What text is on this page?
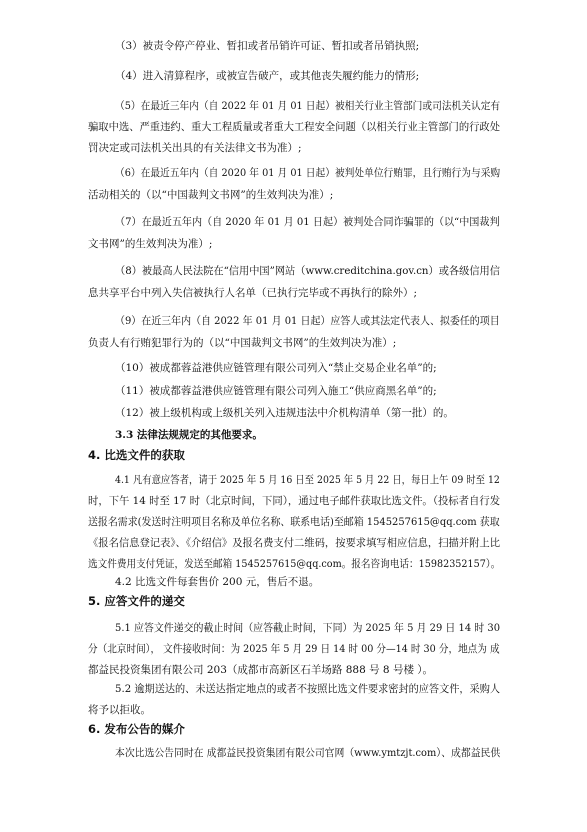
（3）被责令停产停业、暂扣或者吊销许可证、暂扣或者吊销执照;
（4）进入清算程序，或被宣告破产，或其他丧失履约能力的情形;
（5）在最近三年内（自 2022 年 01 月 01 日起）被相关行业主管部门或司法机关认定有
骗取中选、严重违约、重大工程质量或者重大工程安全问题（以相关行业主管部门的行政处
罚决定或司法机关出具的有关法律文书为准）;
（6）在最近五年内（自 2020 年 01 月 01 日起）被判处单位行贿罪，且行贿行为与采购
活动相关的（以“中国裁判文书网”的生效判决为准）;
（7）在最近五年内（自 2020 年 01 月 01 日起）被判处合同诈骗罪的（以“中国裁判
文书网”的生效判决为准）;
（8）被最高人民法院在“信用中国”网站（www.creditchina.gov.cn）或各级信用信
息共享平台中列入失信被执行人名单（已执行完毕或不再执行的除外）;
（9）在近三年内（自 2022 年 01 月 01 日起）应答人或其法定代表人、拟委任的项目
负责人有行贿犯罪行为的（以“中国裁判文书网”的生效判决为准）;
（10）被成都蓉益港供应链管理有限公司列入“禁止交易企业名单”的;
（11）被成都蓉益港供应链管理有限公司列入施工“供应商黑名单”的;
（12）被上级机构或上级机关列入违规违法中介机构清单（第一批）的。
3.3 法律法规规定的其他要求。
4. 比选文件的获取
4.1 凡有意应答者，请于 2025 年 5 月 16 日至 2025 年 5 月 22 日，每日上午 09 时至 12
时，下午 14 时至 17 时（北京时间，下同），通过电子邮件获取比选文件。（投标者自行发
送报名需求(发送时注明项目名称及单位名称、联系电话)至邮箱 1545257615@qq.com 获取
《报名信息登记表》、《介绍信》及报名费支付二维码，按要求填写相应信息，扫描并附上比
选文件费用支付凭证，发送至邮箱 1545257615@qq.com。报名咨询电话：15982352157）。
4.2 比选文件每套售价 200 元，售后不退。
5. 应答文件的递交
5.1 应答文件递交的截止时间（应答截止时间，下同）为 2025 年 5 月 29 日 14 时 30
分（北京时间）， 文件接收时间：为 2025 年 5 月 29 日 14 时 00 分—14 时 30 分，地点为 成
都益民投资集团有限公司 203（成都市高新区石羊场路 888 号 8 号楼 ）。
5.2 逾期送达的、未送达指定地点的或者不按照比选文件要求密封的应答文件，采购人
将予以拒收。
6. 发布公告的媒介
本次比选公告同时在 成都益民投资集团有限公司官网（www.ymtzjt.com）、成都益民供
